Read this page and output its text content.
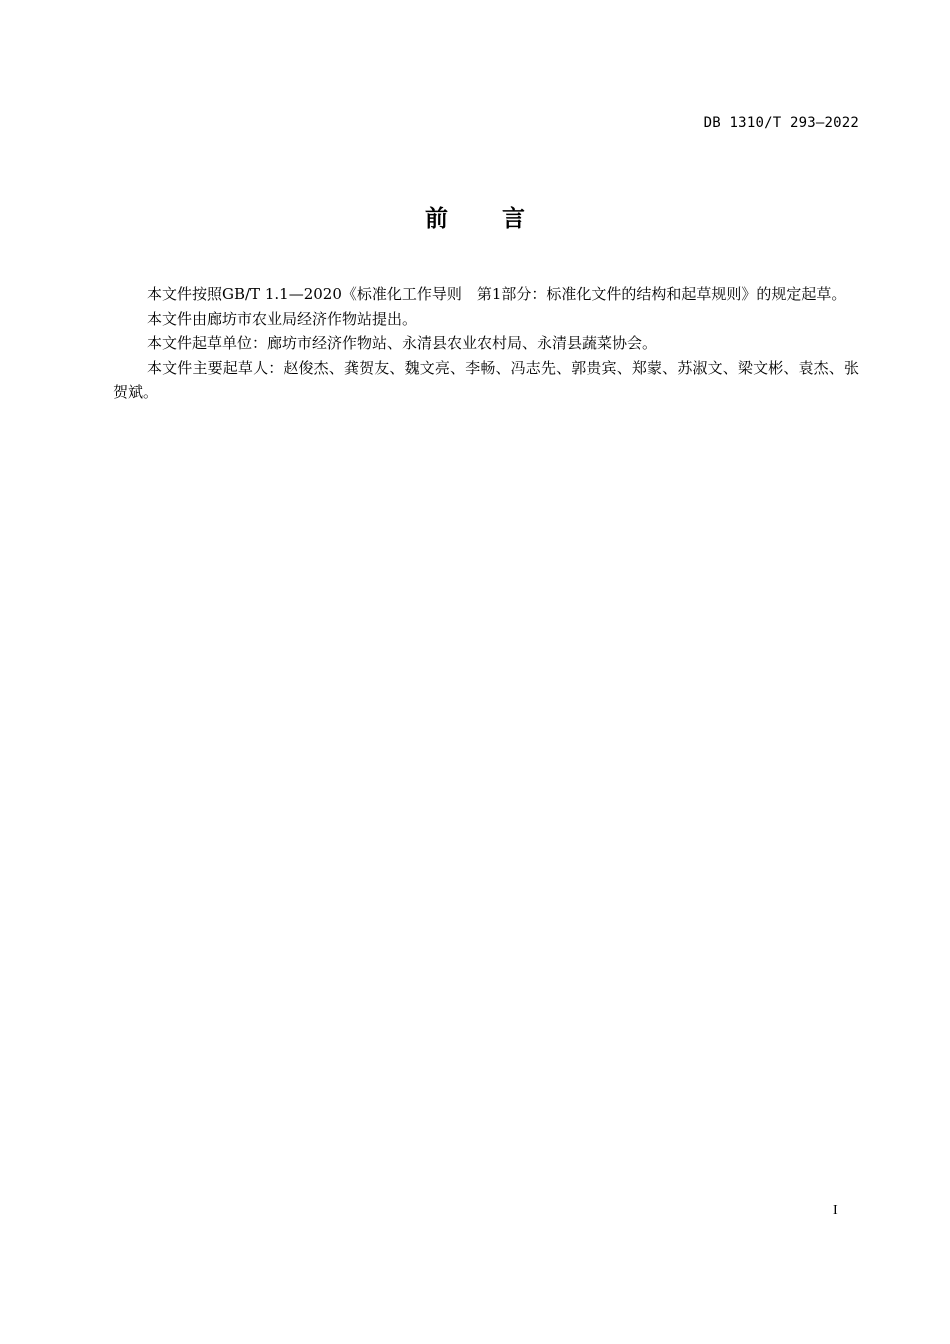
DB 1310/T 293—2022
前 言

本文件按照GB/T 1.1—2020《标准化工作导则　第1部分：标准化文件的结构和起草规则》的规定起草。

本文件由廊坊市农业局经济作物站提出。

本文件起草单位：廊坊市经济作物站、永清县农业农村局、永清县蔬菜协会。

本文件主要起草人：赵俊杰、龚贺友、魏文亮、李畅、冯志先、郭贵宾、郑蒙、苏淑文、梁文彬、袁杰、张贺斌。

I
